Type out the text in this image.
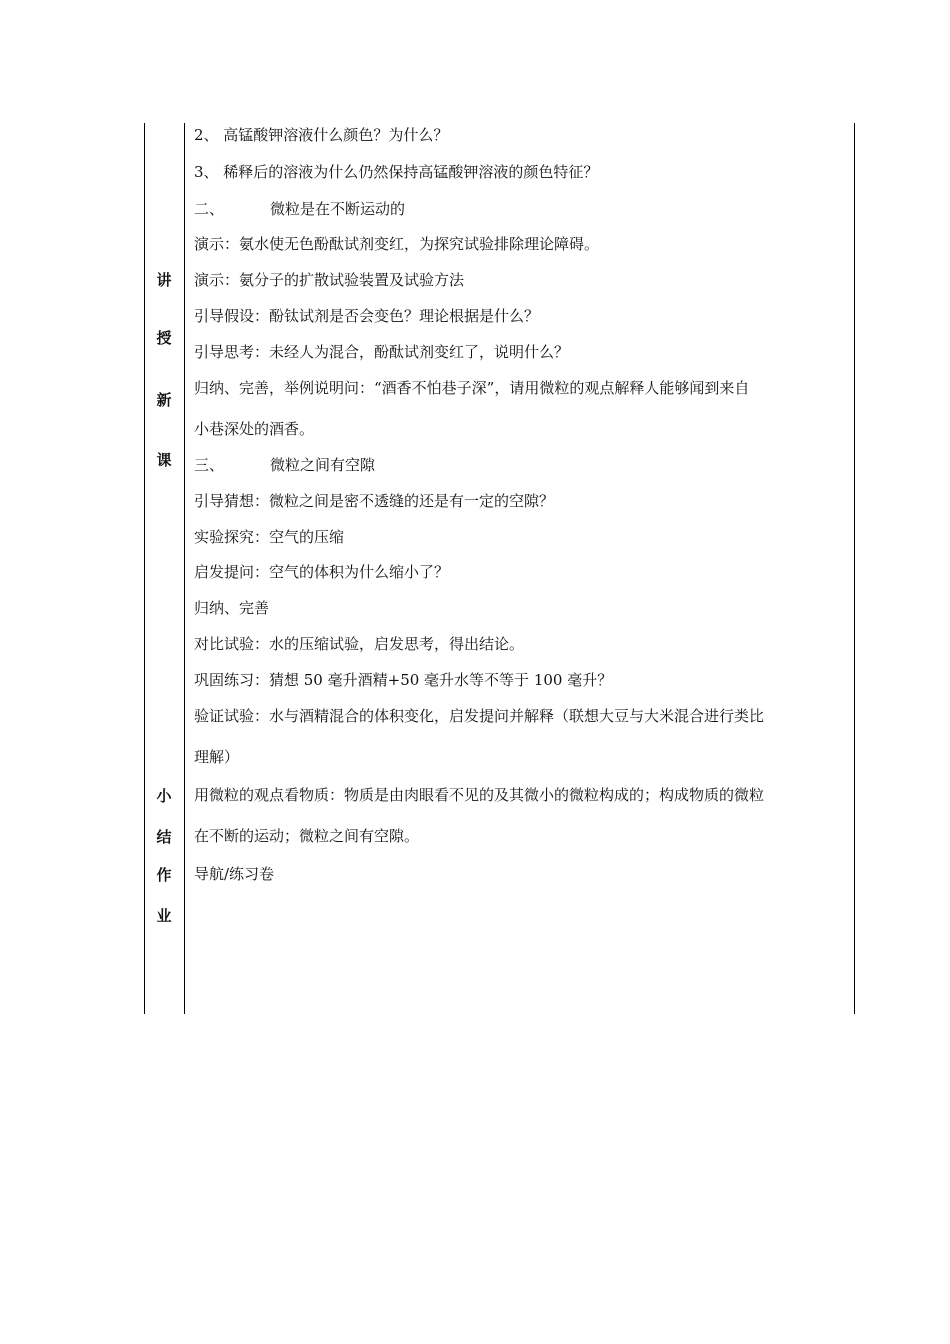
讲
授
新
课
小
结
作
业
2、 高锰酸钾溶液什么颜色？为什么？
3、 稀释后的溶液为什么仍然保持高锰酸钾溶液的颜色特征？
二、	微粒是在不断运动的
演示：氨水使无色酚酞试剂变红，为探究试验排除理论障碍。
演示：氨分子的扩散试验装置及试验方法
引导假设：酚钛试剂是否会变色？理论根据是什么？
引导思考：未经人为混合，酚酞试剂变红了，说明什么？
归纳、完善，举例说明问：“酒香不怕巷子深”，请用微粒的观点解释人能够闻到来自
小巷深处的酒香。
三、	微粒之间有空隙
引导猜想：微粒之间是密不透缝的还是有一定的空隙？
实验探究：空气的压缩
启发提问：空气的体积为什么缩小了？
归纳、完善
对比试验：水的压缩试验，启发思考，得出结论。
巩固练习：猜想 50 毫升酒精+50 毫升水等不等于 100 毫升？
验证试验：水与酒精混合的体积变化，启发提问并解释（联想大豆与大米混合进行类比
理解）
用微粒的观点看物质：物质是由肉眼看不见的及其微小的微粒构成的；构成物质的微粒
在不断的运动；微粒之间有空隙。
导航/练习卷
